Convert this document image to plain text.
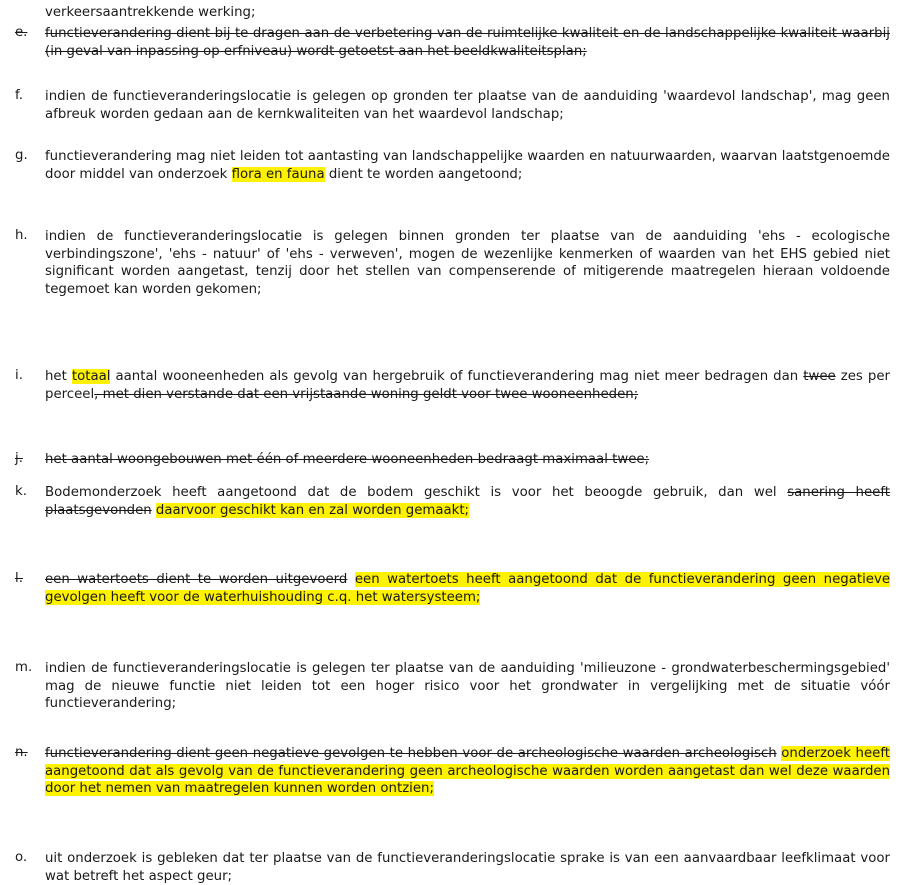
verkeersaantrekkende werking;
e.	functieverandering dient bij te dragen aan de verbetering van de ruimtelijke kwaliteit en de landschappelijke kwaliteit waarbij (in geval van inpassing op erfniveau) wordt getoetst aan het beeldkwaliteitsplan;
f.	indien de functieveranderingslocatie is gelegen op gronden ter plaatse van de aanduiding 'waardevol landschap', mag geen afbreuk worden gedaan aan de kernkwaliteiten van het waardevol landschap;
g.	functieverandering mag niet leiden tot aantasting van landschappelijke waarden en natuurwaarden, waarvan laatstgenoemde door middel van onderzoek flora en fauna dient te worden aangetoond;
h.	indien de functieveranderingslocatie is gelegen binnen gronden ter plaatse van de aanduiding 'ehs - ecologische verbindingszone', 'ehs - natuur' of 'ehs - verweven', mogen de wezenlijke kenmerken of waarden van het EHS gebied niet significant worden aangetast, tenzij door het stellen van compenserende of mitigerende maatregelen hieraan voldoende tegemoet kan worden gekomen;
i.	het totaal aantal wooneenheden als gevolg van hergebruik of functieverandering mag niet meer bedragen dan twee zes per perceel, met dien verstande dat een vrijstaande woning geldt voor twee wooneenheden;
j.	het aantal woongebouwen met één of meerdere wooneenheden bedraagt maximaal twee;
k.	Bodemonderzoek heeft aangetoond dat de bodem geschikt is voor het beoogde gebruik, dan wel sanering heeft plaatsgevonden daarvoor geschikt kan en zal worden gemaakt;
l.	een watertoets dient te worden uitgevoerd een watertoets heeft aangetoond dat de functieverandering geen negatieve gevolgen heeft voor de waterhuishouding c.q. het watersysteem;
m. indien de functieveranderingslocatie is gelegen ter plaatse van de aanduiding 'milieuzone - grondwaterbeschermingsgebied' mag de nieuwe functie niet leiden tot een hoger risico voor het grondwater in vergelijking met de situatie vóór functieverandering;
n.	functieverandering dient geen negatieve gevolgen te hebben voor de archeologische waarden archeologisch onderzoek heeft aangetoond dat als gevolg van de functieverandering geen archeologische waarden worden aangetast dan wel deze waarden door het nemen van maatregelen kunnen worden ontzien;
o.	uit onderzoek is gebleken dat ter plaatse van de functieveranderingslocatie sprake is van een aanvaardbaar leefklimaat voor wat betreft het aspect geur;
